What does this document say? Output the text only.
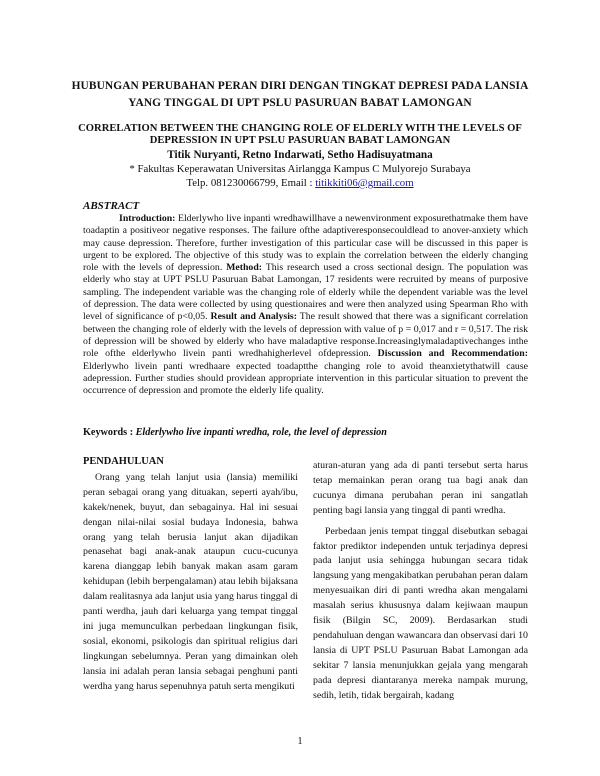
HUBUNGAN PERUBAHAN PERAN DIRI DENGAN TINGKAT DEPRESI PADA LANSIA YANG TINGGAL DI UPT PSLU PASURUAN BABAT LAMONGAN
CORRELATION BETWEEN THE CHANGING ROLE OF ELDERLY WITH THE LEVELS OF DEPRESSION IN UPT PSLU PASURUAN BABAT LAMONGAN
Titik Nuryanti, Retno Indarwati, Setho Hadisuyatmana
* Fakultas Keperawatan Universitas Airlangga Kampus C Mulyorejo Surabaya
Telp. 081230066799, Email : titikkiti06@gmail.com
ABSTRACT
Introduction: Elderlywho live inpanti wredhawillhave a newenvironment exposurethatmake them have toadaptin a positiveor negative responses. The failure ofthe adaptiveresponsecouldlead to anover-anxiety which may cause depression. Therefore, further investigation of this particular case will be discussed in this paper is urgent to be explored. The objective of this study was to explain the correlation between the elderly changing role with the levels of depression. Method: This research used a cross sectional design. The population was elderly who stay at UPT PSLU Pasuruan Babat Lamongan, 17 residents were recruited by means of purposive sampling. The independent variable was the changing role of elderly while the dependent variable was the level of depression. The data were collected by using questionaires and were then analyzed using Spearman Rho with level of significance of p<0,05. Result and Analysis: The result showed that there was a significant correlation between the changing role of elderly with the levels of depression with value of p = 0,017 and r = 0,517. The risk of depression will be showed by elderly who have maladaptive response.Increasinglymaladaptivechanges inthe role ofthe elderlywho livein panti wredhahigherlevel ofdepression. Discussion and Recommendation: Elderlywho livein panti wredhaare expected toadaptthe changing role to avoid theanxietythatwill cause adepression. Further studies should providean appropriate intervention in this particular situation to prevent the occurrence of depression and promote the elderly life quality.
Keywords : Elderlywho live inpanti wredha, role, the level of depression
PENDAHULUAN

Orang yang telah lanjut usia (lansia) memiliki peran sebagai orang yang dituakan, seperti ayah/ibu, kakek/nenek, buyut, dan sebagainya. Hal ini sesuai dengan nilai-nilai sosial budaya Indonesia, bahwa orang yang telah berusia lanjut akan dijadikan penasehat bagi anak-anak ataupun cucu-cucunya karena dianggap lebih banyak makan asam garam kehidupan (lebih berpengalaman) atau lebih bijaksana dalam realitasnya ada lanjut usia yang harus tinggal di panti werdha, jauh dari keluarga yang tempat tinggal ini juga memunculkan perbedaan lingkungan fisik, sosial, ekonomi, psikologis dan spiritual religius dari lingkungan sebelumnya. Peran yang dimainkan oleh lansia ini adalah peran lansia sebagai penghuni panti werdha yang harus sepenuhnya patuh serta mengikuti

aturan-aturan yang ada di panti tersebut serta harus tetap memainkan peran orang tua bagi anak dan cucunya dimana perubahan peran ini sangatlah penting bagi lansia yang tinggal di panti wredha.

Perbedaan jenis tempat tinggal disebutkan sebagai faktor prediktor independen untuk terjadinya depresi pada lanjut usia sehingga hubungan secara tidak langsung yang mengakibatkan perubahan peran dalam menyesuaikan diri di panti wredha akan mengalami masalah serius khususnya dalam kejiwaan maupun fisik (Bilgin SC, 2009). Berdasarkan studi pendahuluan dengan wawancara dan observasi dari 10 lansia di UPT PSLU Pasuruan Babat Lamongan ada sekitar 7 lansia menunjukkan gejala yang mengarah pada depresi diantaranya mereka nampak murung, sedih, letih, tidak bergairah, kadang

1
